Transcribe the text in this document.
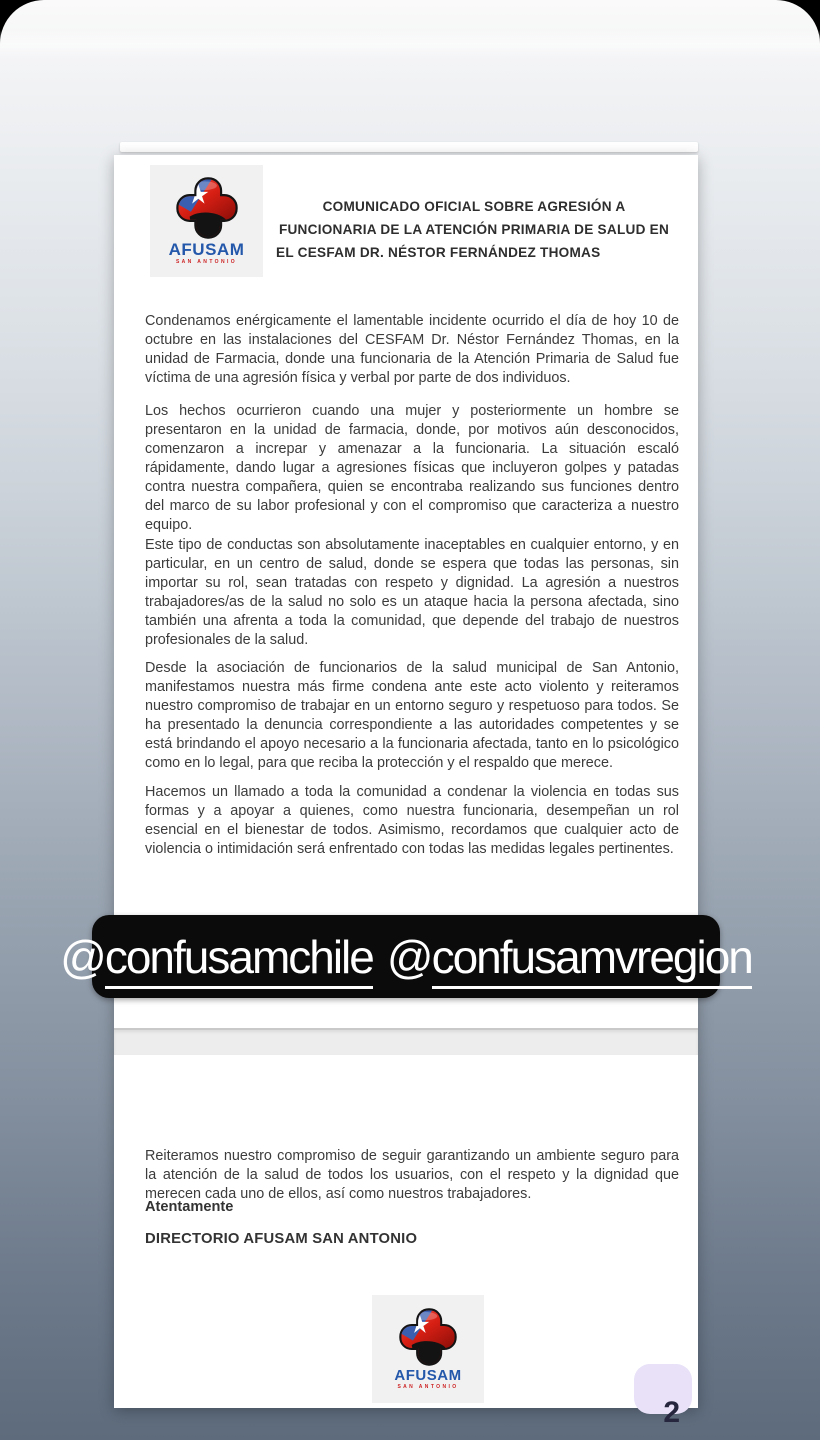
AFUSAM
SAN ANTONIO
COMUNICADO OFICIAL SOBRE AGRESIÓN A
FUNCIONARIA DE LA ATENCIÓN PRIMARIA DE SALUD EN
EL CESFAM DR. NÉSTOR FERNÁNDEZ THOMAS

Condenamos enérgicamente el lamentable incidente ocurrido el día de hoy 10 de octubre en las instalaciones del CESFAM Dr. Néstor Fernández Thomas, en la unidad de Farmacia, donde una funcionaria de la Atención Primaria de Salud fue víctima de una agresión física y verbal por parte de dos individuos.

Los hechos ocurrieron cuando una mujer y posteriormente un hombre se presentaron en la unidad de farmacia, donde, por motivos aún desconocidos, comenzaron a increpar y amenazar a la funcionaria. La situación escaló rápidamente, dando lugar a agresiones físicas que incluyeron golpes y patadas contra nuestra compañera, quien se encontraba realizando sus funciones dentro del marco de su labor profesional y con el compromiso que caracteriza a nuestro equipo.

Este tipo de conductas son absolutamente inaceptables en cualquier entorno, y en particular, en un centro de salud, donde se espera que todas las personas, sin importar su rol, sean tratadas con respeto y dignidad. La agresión a nuestros trabajadores/as de la salud no solo es un ataque hacia la persona afectada, sino también una afrenta a toda la comunidad, que depende del trabajo de nuestros profesionales de la salud.

Desde la asociación de funcionarios de la salud municipal de San Antonio, manifestamos nuestra más firme condena ante este acto violento y reiteramos nuestro compromiso de trabajar en un entorno seguro y respetuoso para todos. Se ha presentado la denuncia correspondiente a las autoridades competentes y se está brindando el apoyo necesario a la funcionaria afectada, tanto en lo psicológico como en lo legal, para que reciba la protección y el respaldo que merece.

Hacemos un llamado a toda la comunidad a condenar la violencia en todas sus formas y a apoyar a quienes, como nuestra funcionaria, desempeñan un rol esencial en el bienestar de todos. Asimismo, recordamos que cualquier acto de violencia o intimidación será enfrentado con todas las medidas legales pertinentes.

Reiteramos nuestro compromiso de seguir garantizando un ambiente seguro para la atención de la salud de todos los usuarios, con el respeto y la dignidad que merecen cada uno de ellos, así como nuestros trabajadores.

Atentamente
DIRECTORIO AFUSAM SAN ANTONIO
AFUSAM
SAN ANTONIO
2
@confusamchile @confusamvregion
